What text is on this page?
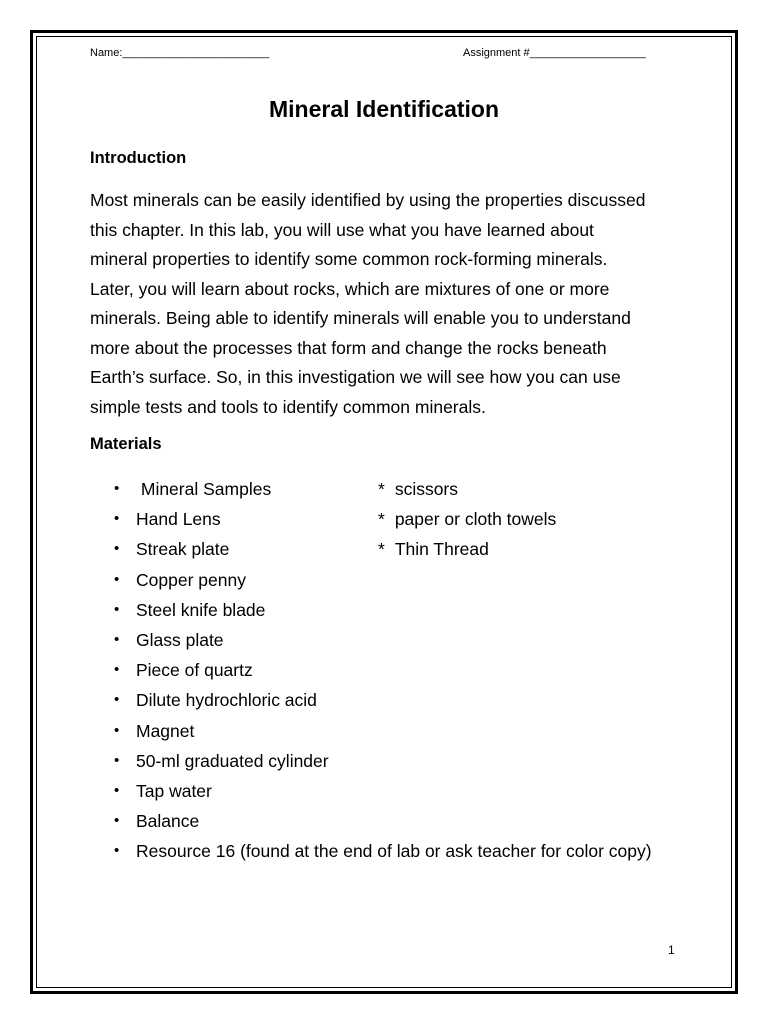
Name:________________________	Assignment #___________________
Mineral Identification
Introduction
Most minerals can be easily identified by using the properties discussed
this chapter. In this lab, you will use what you have learned about
mineral properties to identify some common rock-forming minerals.
Later, you will learn about rocks, which are mixtures of one or more
minerals. Being able to identify minerals will enable you to understand
more about the processes that form and change the rocks beneath
Earth’s surface. So, in this investigation we will see how you can use
simple tests and tools to identify common minerals.
Materials
• Mineral Samples
• Hand Lens
• Streak plate
• Copper penny
• Steel knife blade
• Glass plate
• Piece of quartz
• Dilute hydrochloric acid
• Magnet
• 50-ml graduated cylinder
• Tap water
• Balance
• Resource 16 (found at the end of lab or ask teacher for color copy)
* scissors
* paper or cloth towels
* Thin Thread
1
